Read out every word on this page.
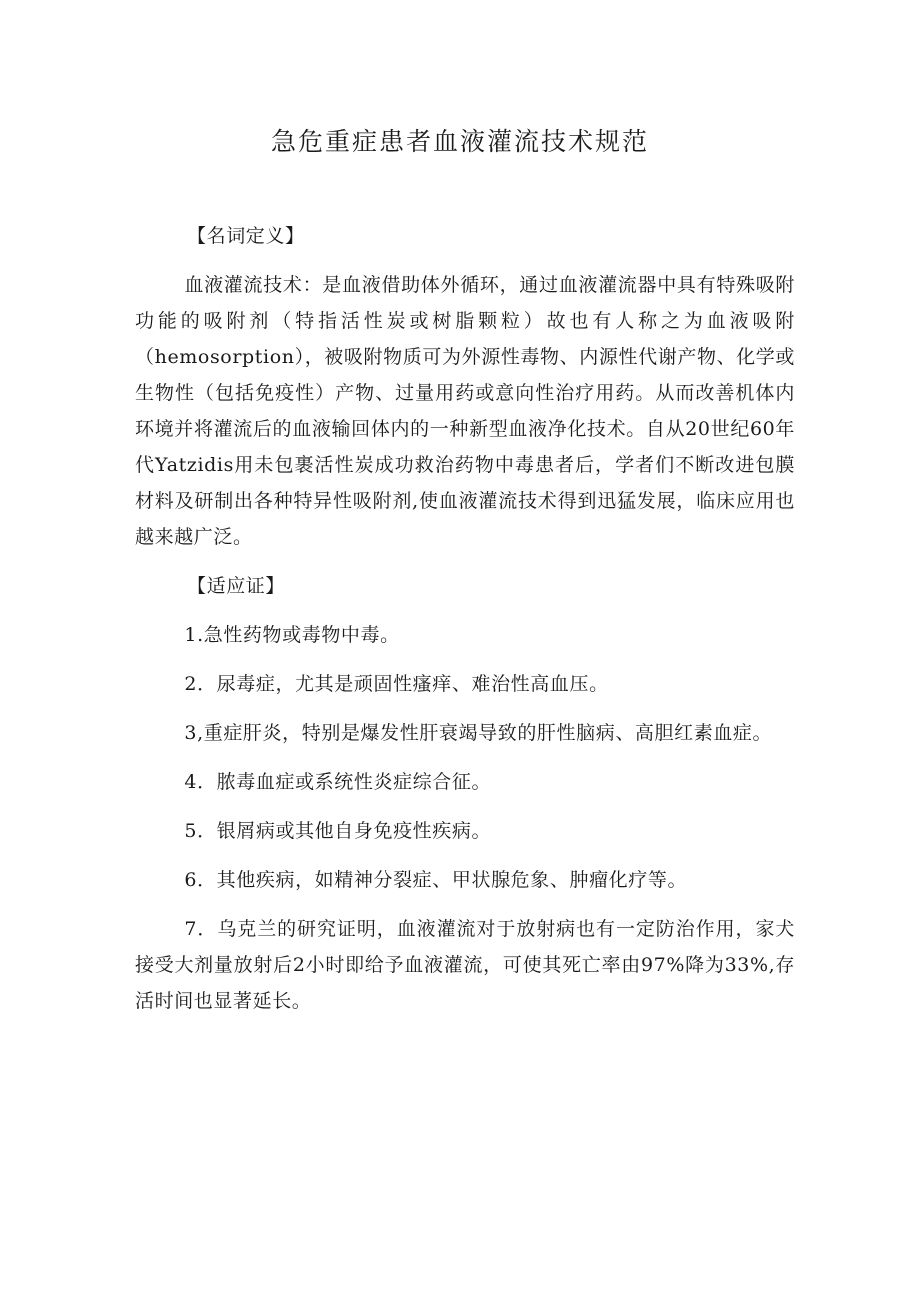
急危重症患者血液灌流技术规范

【名词定义】

血液灌流技术：是血液借助体外循环，通过血液灌流器中具有特殊吸附功能的吸附剂（特指活性炭或树脂颗粒）故也有人称之为血液吸附（hemosorption），被吸附物质可为外源性毒物、内源性代谢产物、化学或生物性（包括免疫性）产物、过量用药或意向性治疗用药。从而改善机体内环境并将灌流后的血液输回体内的一种新型血液净化技术。自从20世纪60年代Yatzidis用未包裹活性炭成功救治药物中毒患者后，学者们不断改进包膜材料及研制出各种特异性吸附剂,使血液灌流技术得到迅猛发展，临床应用也越来越广泛。

【适应证】

1.急性药物或毒物中毒。

2．尿毒症，尤其是顽固性瘙痒、难治性高血压。

3,重症肝炎，特别是爆发性肝衰竭导致的肝性脑病、高胆红素血症。

4．脓毒血症或系统性炎症综合征。

5．银屑病或其他自身免疫性疾病。

6．其他疾病，如精神分裂症、甲状腺危象、肿瘤化疗等。

7．乌克兰的研究证明，血液灌流对于放射病也有一定防治作用，家犬接受大剂量放射后2小时即给予血液灌流，可使其死亡率由97%降为33%,存活时间也显著延长。
